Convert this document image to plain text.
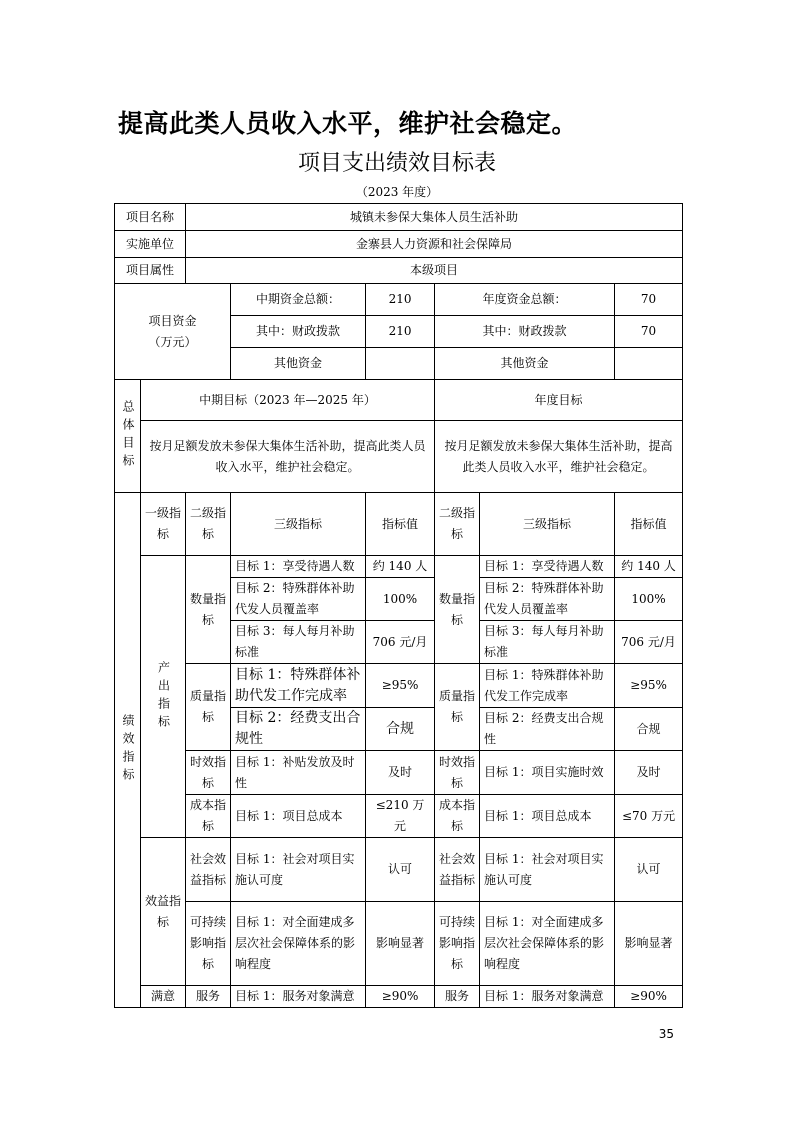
提高此类人员收入水平，维护社会稳定。
项目支出绩效目标表
（2023 年度）
项目名称		城镇未参保大集体人员生活补助					
实施单位		金寨县人力资源和社会保障局					
项目属性		本级项目					
项目资金（万元）			中期资金总额：	210	年度资金总额：		70
			其中：财政拨款	210	其中：财政拨款		70
			其他资金		其他资金		
总体目标	中期目标（2023 年—2025 年）				年度目标		
	按月足额发放未参保大集体生活补助，提高此类人员收入水平，维护社会稳定。				按月足额发放未参保大集体生活补助，提高此类人员收入水平，维护社会稳定。		
绩效指标	一级指标	二级指标	三级指标	指标值	二级指标	三级指标	指标值
	产出指标	数量指标	目标 1：享受待遇人数	约 140 人	数量指标	目标 1：享受待遇人数	约 140 人
			目标 2：特殊群体补助代发人员覆盖率	100%		目标 2：特殊群体补助代发人员覆盖率	100%
			目标 3：每人每月补助标准	706 元/月		目标 3：每人每月补助标准	706 元/月
		质量指标	目标 1：特殊群体补助代发工作完成率	≥95%	质量指标	目标 1：特殊群体补助代发工作完成率	≥95%
			目标 2：经费支出合规性	合规		目标 2：经费支出合规性	合规
		时效指标	目标 1：补贴发放及时性	及时	时效指标	目标 1：项目实施时效	及时
		成本指标	目标 1：项目总成本	≤210 万元	成本指标	目标 1：项目总成本	≤70 万元
	效益指标	社会效益指标	目标 1：社会对项目实施认可度	认可	社会效益指标	目标 1：社会对项目实施认可度	认可
		可持续影响指标	目标 1：对全面建成多层次社会保障体系的影响程度	影响显著	可持续影响指标	目标 1：对全面建成多层次社会保障体系的影响程度	影响显著
	满意	服务	目标 1：服务对象满意	≥90%	服务	目标 1：服务对象满意	≥90%
35
